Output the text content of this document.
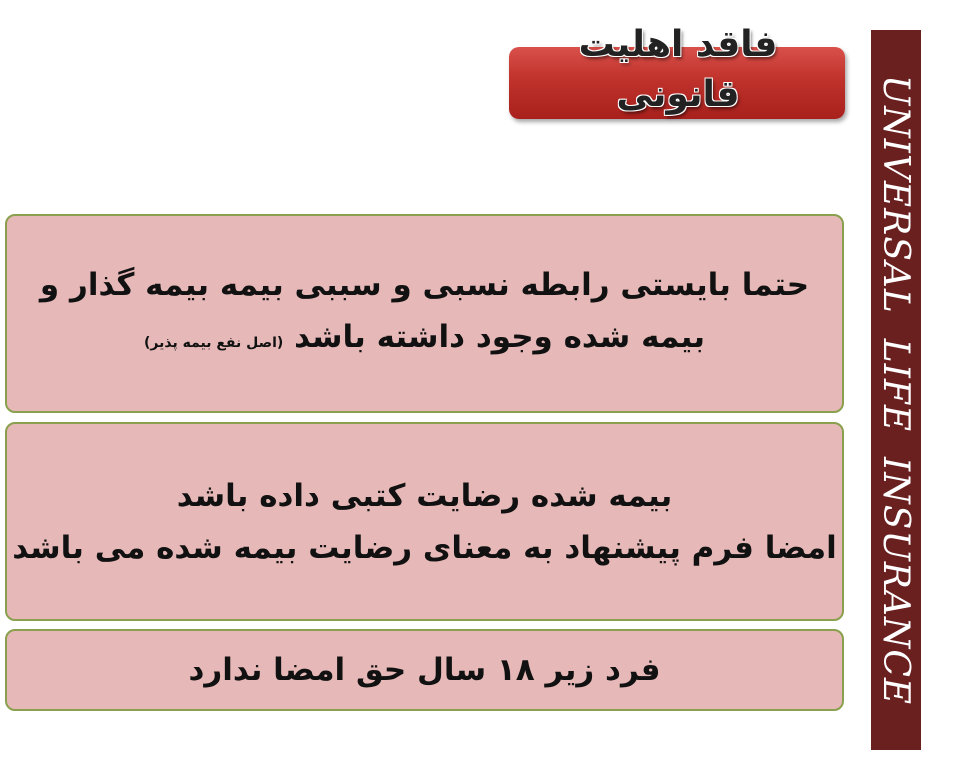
UNIVERSAL  LIFE  INSURANCE
فاقد اهلیت
قانونی
حتما بایستی رابطه نسبی و سببی بیمه بیمه گذار و
بیمه شده وجود داشته باشد (اصل نفع بیمه پذیر)
بیمه شده رضایت کتبی داده باشد
امضا فرم پیشنهاد به معنای رضایت بیمه شده می باشد
فرد زیر ۱۸ سال حق امضا ندارد
